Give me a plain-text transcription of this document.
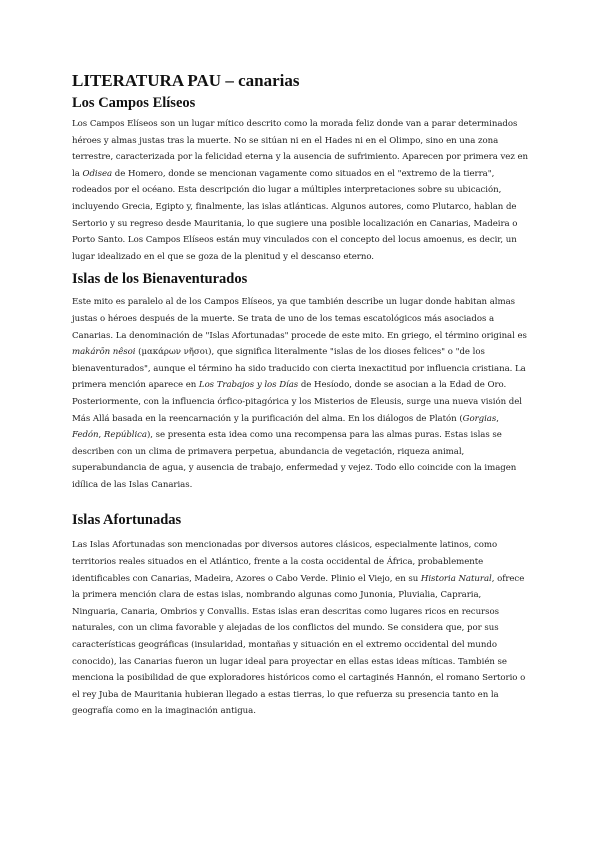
LITERATURA PAU – canarias
Los Campos Elíseos

Los Campos Elíseos son un lugar mítico descrito como la morada feliz donde van a parar determinados héroes y almas justas tras la muerte. No se sitúan ni en el Hades ni en el Olimpo, sino en una zona terrestre, caracterizada por la felicidad eterna y la ausencia de sufrimiento. Aparecen por primera vez en la Odisea de Homero, donde se mencionan vagamente como situados en el "extremo de la tierra", rodeados por el océano. Esta descripción dio lugar a múltiples interpretaciones sobre su ubicación, incluyendo Grecia, Egipto y, finalmente, las islas atlánticas. Algunos autores, como Plutarco, hablan de Sertorio y su regreso desde Mauritania, lo que sugiere una posible localización en Canarias, Madeira o Porto Santo. Los Campos Elíseos están muy vinculados con el concepto del locus amoenus, es decir, un lugar idealizado en el que se goza de la plenitud y el descanso eterno.

Islas de los Bienaventurados

Este mito es paralelo al de los Campos Elíseos, ya que también describe un lugar donde habitan almas justas o héroes después de la muerte. Se trata de uno de los temas escatológicos más asociados a Canarias. La denominación de "Islas Afortunadas" procede de este mito. En griego, el término original es makárōn nêsoi (μακάρων νῆσοι), que significa literalmente "islas de los dioses felices" o "de los bienaventurados", aunque el término ha sido traducido con cierta inexactitud por influencia cristiana. La primera mención aparece en Los Trabajos y los Días de Hesíodo, donde se asocian a la Edad de Oro. Posteriormente, con la influencia órfico-pitagórica y los Misterios de Eleusis, surge una nueva visión del Más Allá basada en la reencarnación y la purificación del alma. En los diálogos de Platón (Gorgias, Fedón, República), se presenta esta idea como una recompensa para las almas puras. Estas islas se describen con un clima de primavera perpetua, abundancia de vegetación, riqueza animal, superabundancia de agua, y ausencia de trabajo, enfermedad y vejez. Todo ello coincide con la imagen idílica de las Islas Canarias.

Islas Afortunadas

Las Islas Afortunadas son mencionadas por diversos autores clásicos, especialmente latinos, como territorios reales situados en el Atlántico, frente a la costa occidental de África, probablemente identificables con Canarias, Madeira, Azores o Cabo Verde. Plinio el Viejo, en su Historia Natural, ofrece la primera mención clara de estas islas, nombrando algunas como Junonia, Pluvialia, Capraria, Ninguaria, Canaria, Ombrios y Convallis. Estas islas eran descritas como lugares ricos en recursos naturales, con un clima favorable y alejadas de los conflictos del mundo. Se considera que, por sus características geográficas (insularidad, montañas y situación en el extremo occidental del mundo conocido), las Canarias fueron un lugar ideal para proyectar en ellas estas ideas míticas. También se menciona la posibilidad de que exploradores históricos como el cartaginés Hannón, el romano Sertorio o el rey Juba de Mauritania hubieran llegado a estas tierras, lo que refuerza su presencia tanto en la geografía como en la imaginación antigua.
